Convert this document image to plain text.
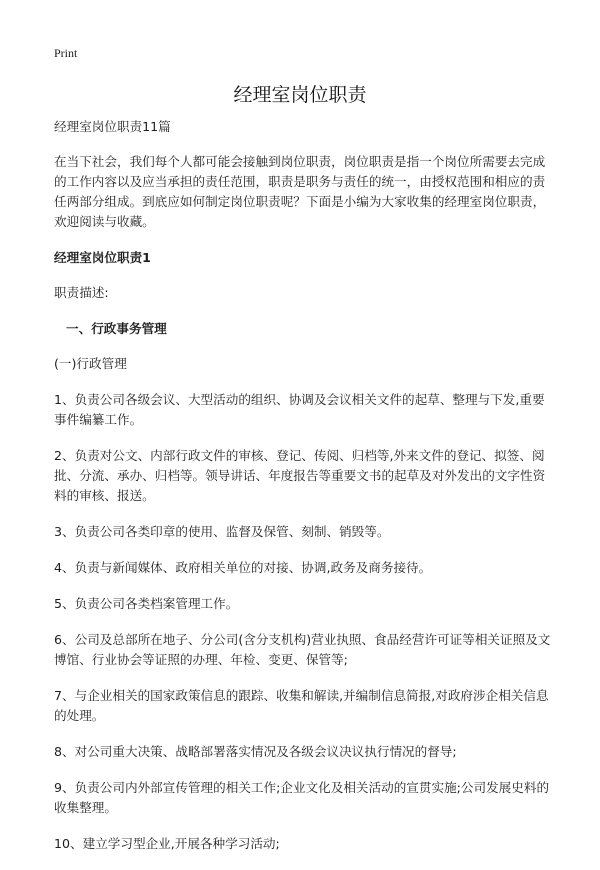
Print
经理室岗位职责

经理室岗位职责11篇

在当下社会，我们每个人都可能会接触到岗位职责，岗位职责是指一个岗位所需要去完成的工作内容以及应当承担的责任范围，职责是职务与责任的统一，由授权范围和相应的责任两部分组成。到底应如何制定岗位职责呢？下面是小编为大家收集的经理室岗位职责，欢迎阅读与收藏。

经理室岗位职责1

职责描述:

一、行政事务管理

(一)行政管理

1、负责公司各级会议、大型活动的组织、协调及会议相关文件的起草、整理与下发,重要事件编纂工作。

2、负责对公文、内部行政文件的审核、登记、传阅、归档等,外来文件的登记、拟签、阅批、分流、承办、归档等。领导讲话、年度报告等重要文书的起草及对外发出的文字性资料的审核、报送。

3、负责公司各类印章的使用、监督及保管、刻制、销毁等。

4、负责与新闻媒体、政府相关单位的对接、协调,政务及商务接待。

5、负责公司各类档案管理工作。

6、公司及总部所在地子、分公司(含分支机构)营业执照、食品经营许可证等相关证照及文博馆、行业协会等证照的办理、年检、变更、保管等;

7、与企业相关的国家政策信息的跟踪、收集和解读,并编制信息简报,对政府涉企相关信息的处理。

8、对公司重大决策、战略部署落实情况及各级会议决议执行情况的督导;

9、负责公司内外部宣传管理的相关工作;企业文化及相关活动的宣贯实施;公司发展史料的收集整理。

10、建立学习型企业,开展各种学习活动;
